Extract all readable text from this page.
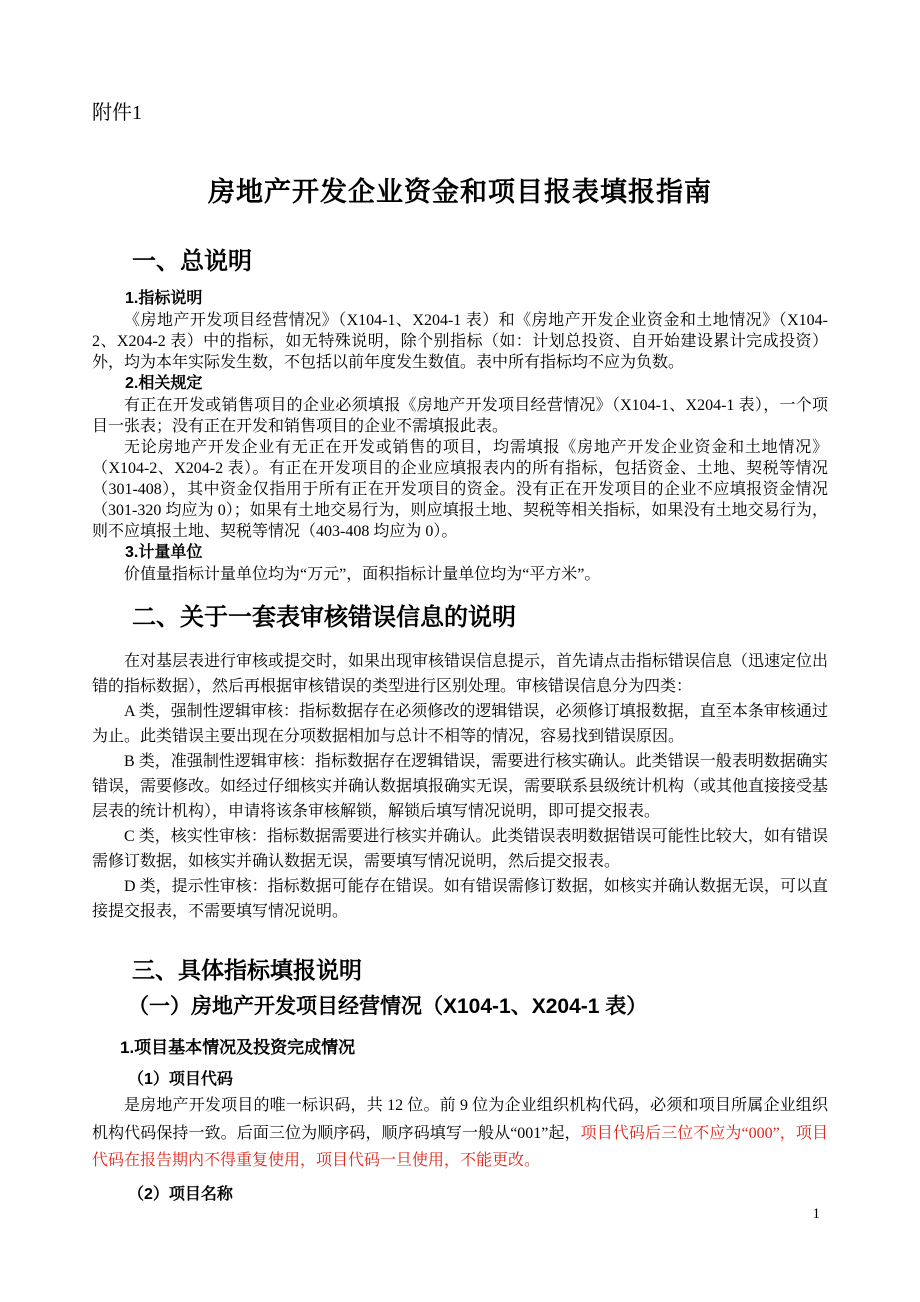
附件1
房地产开发企业资金和项目报表填报指南
一、总说明
1.指标说明

《房地产开发项目经营情况》（X104-1、X204-1 表）和《房地产开发企业资金和土地情况》（X104-2、X204-2 表）中的指标，如无特殊说明，除个别指标（如：计划总投资、自开始建设累计完成投资）外，均为本年实际发生数，不包括以前年度发生数值。表中所有指标均不应为负数。

2.相关规定

有正在开发或销售项目的企业必须填报《房地产开发项目经营情况》（X104-1、X204-1 表），一个项目一张表；没有正在开发和销售项目的企业不需填报此表。

无论房地产开发企业有无正在开发或销售的项目，均需填报《房地产开发企业资金和土地情况》（X104-2、X204-2 表）。有正在开发项目的企业应填报表内的所有指标，包括资金、土地、契税等情况（301-408），其中资金仅指用于所有正在开发项目的资金。没有正在开发项目的企业不应填报资金情况（301-320 均应为 0）；如果有土地交易行为，则应填报土地、契税等相关指标，如果没有土地交易行为，则不应填报土地、契税等情况（403-408 均应为 0）。

3.计量单位

价值量指标计量单位均为“万元”，面积指标计量单位均为“平方米”。

二、关于一套表审核错误信息的说明

在对基层表进行审核或提交时，如果出现审核错误信息提示，首先请点击指标错误信息（迅速定位出错的指标数据），然后再根据审核错误的类型进行区别处理。审核错误信息分为四类：

A 类，强制性逻辑审核：指标数据存在必须修改的逻辑错误，必须修订填报数据，直至本条审核通过为止。此类错误主要出现在分项数据相加与总计不相等的情况，容易找到错误原因。

B 类，准强制性逻辑审核：指标数据存在逻辑错误，需要进行核实确认。此类错误一般表明数据确实错误，需要修改。如经过仔细核实并确认数据填报确实无误，需要联系县级统计机构（或其他直接接受基层表的统计机构），申请将该条审核解锁，解锁后填写情况说明，即可提交报表。

C 类，核实性审核：指标数据需要进行核实并确认。此类错误表明数据错误可能性比较大，如有错误需修订数据，如核实并确认数据无误，需要填写情况说明，然后提交报表。

D 类，提示性审核：指标数据可能存在错误。如有错误需修订数据，如核实并确认数据无误，可以直接提交报表，不需要填写情况说明。

三、具体指标填报说明
（一）房地产开发项目经营情况（X104-1、X204-1 表）
1.项目基本情况及投资完成情况
（1）项目代码

是房地产开发项目的唯一标识码，共 12 位。前 9 位为企业组织机构代码，必须和项目所属企业组织机构代码保持一致。后面三位为顺序码，顺序码填写一般从“001”起，项目代码后三位不应为“000”，项目代码在报告期内不得重复使用，项目代码一旦使用，不能更改。

（2）项目名称
1
